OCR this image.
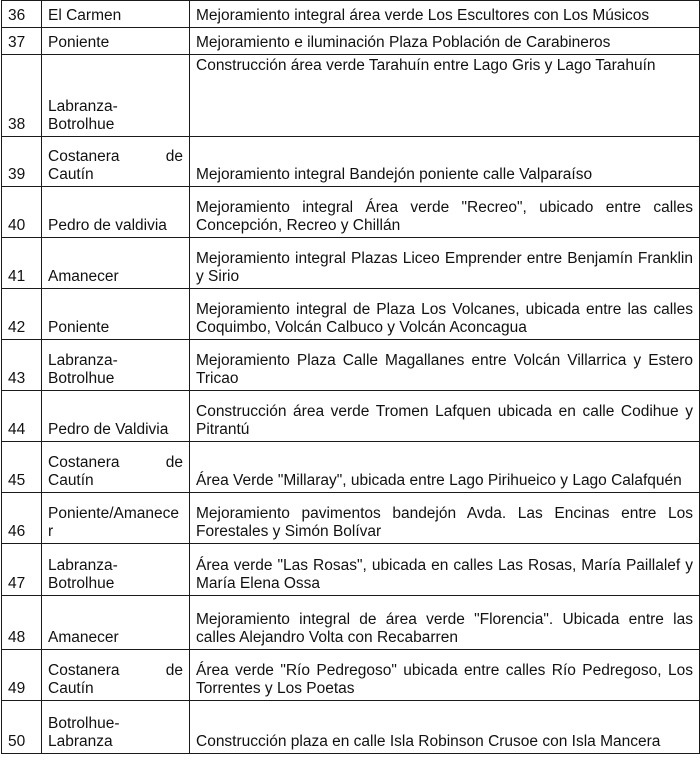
36	El Carmen	Mejoramiento integral área verde Los Escultores con Los Músicos
37	Poniente	Mejoramiento e iluminación Plaza Población de Carabineros
38	Labranza-Botrolhue	Construcción área verde Tarahuín entre Lago Gris y Lago Tarahuín
39	Costanera de Cautín	Mejoramiento integral Bandejón poniente calle Valparaíso
40	Pedro de valdivia	Mejoramiento integral Área verde "Recreo", ubicado entre calles Concepción, Recreo y Chillán
41	Amanecer	Mejoramiento integral Plazas Liceo Emprender entre Benjamín Franklin y Sirio
42	Poniente	Mejoramiento integral de Plaza Los Volcanes, ubicada entre las calles Coquimbo, Volcán Calbuco y Volcán Aconcagua
43	Labranza-Botrolhue	Mejoramiento Plaza Calle Magallanes entre Volcán Villarrica y Estero Tricao
44	Pedro de Valdivia	Construcción área verde Tromen Lafquen ubicada en calle Codihue y Pitrantú
45	Costanera de Cautín	Área Verde "Millaray", ubicada entre Lago Pirihueico y Lago Calafquén
46	Poniente/Amanecer	Mejoramiento pavimentos bandejón Avda. Las Encinas entre Los Forestales y Simón Bolívar
47	Labranza-Botrolhue	Área verde "Las Rosas", ubicada en calles Las Rosas, María Paillalef y María Elena Ossa
48	Amanecer	Mejoramiento integral de área verde "Florencia". Ubicada entre las calles Alejandro Volta con Recabarren
49	Costanera de Cautín	Área verde "Río Pedregoso" ubicada entre calles Río Pedregoso, Los Torrentes y Los Poetas
50	Botrolhue-Labranza	Construcción plaza en calle Isla Robinson Crusoe con Isla Mancera
